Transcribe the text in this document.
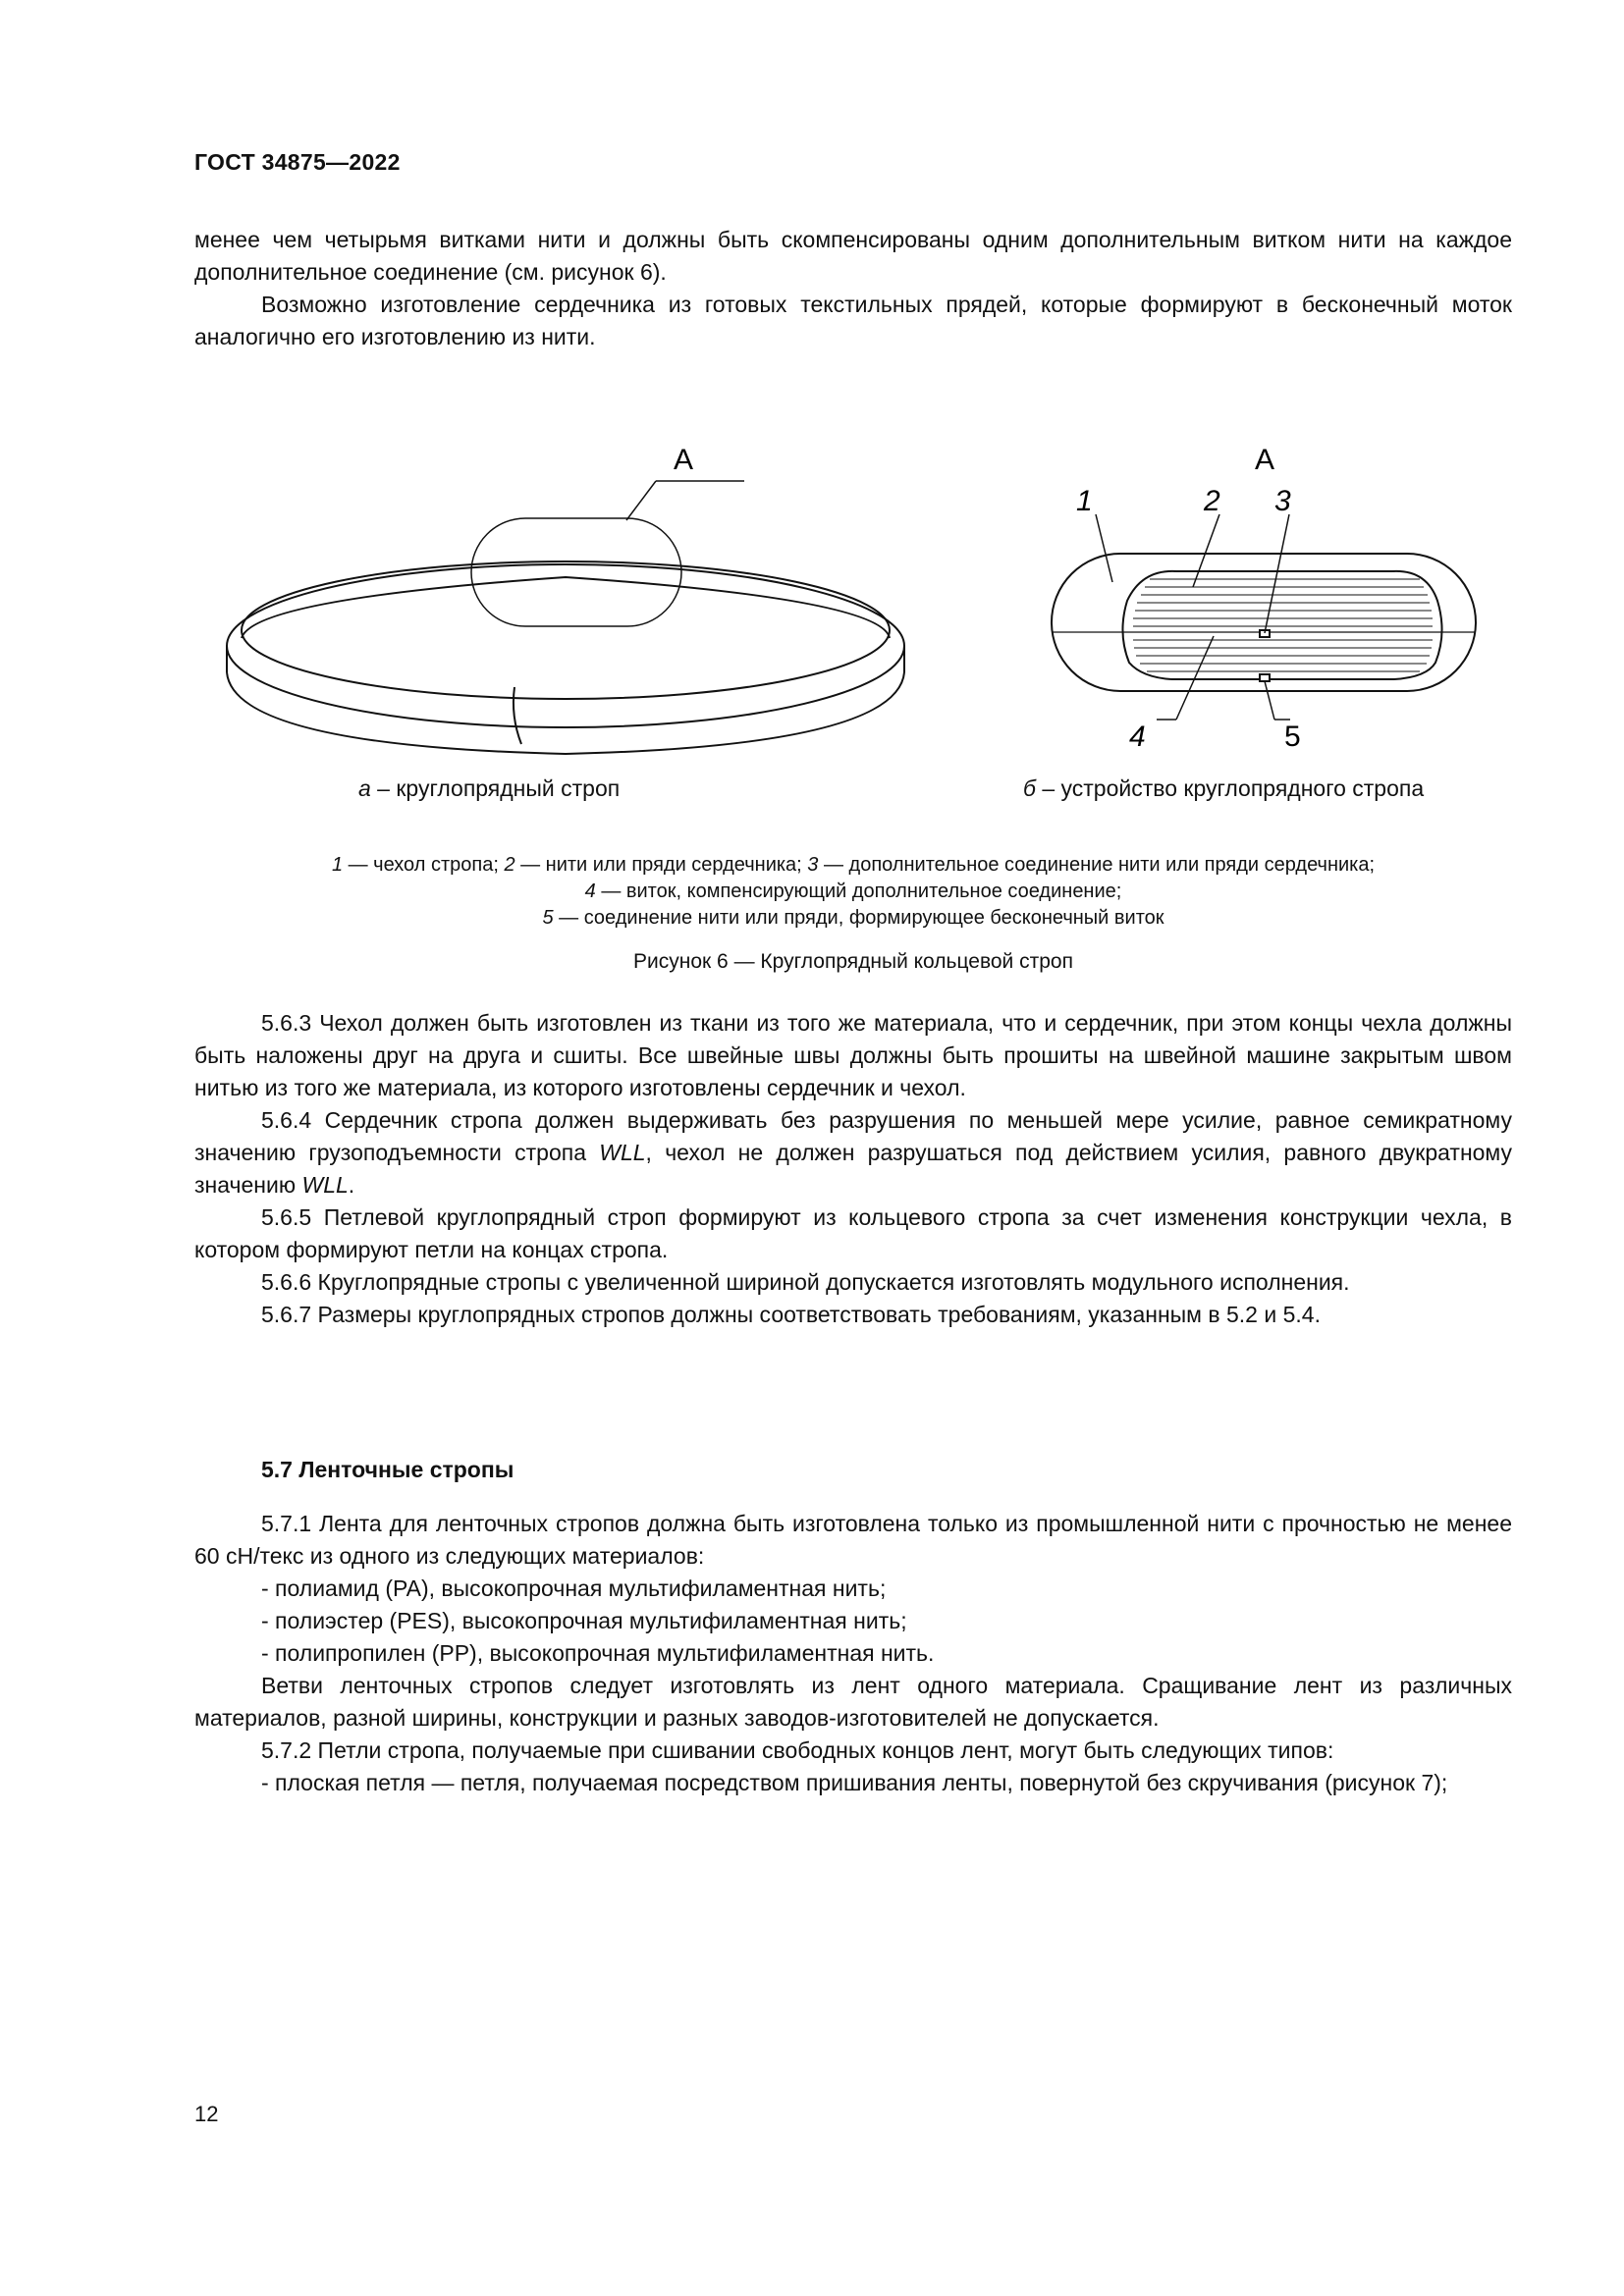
ГОСТ 34875—2022

менее чем четырьмя витками нити и должны быть скомпенсированы одним дополнительным витком нити на каждое дополнительное соединение (см. рисунок 6).

Возможно изготовление сердечника из готовых текстильных прядей, которые формируют в бесконечный моток аналогично его изготовлению из нити.

А	А
1	2 3
4	5
а – круглопрядный строп	б – устройство круглопрядного стропа
1 — чехол стропа; 2 — нити или пряди сердечника; 3 — дополнительное соединение нити или пряди сердечника;
4 — виток, компенсирующий дополнительное соединение;
5 — соединение нити или пряди, формирующее бесконечный виток
Рисунок 6 — Круглопрядный кольцевой строп

5.6.3 Чехол должен быть изготовлен из ткани из того же материала, что и сердечник, при этом концы чехла должны быть наложены друг на друга и сшиты. Все швейные швы должны быть прошиты на швейной машине закрытым швом нитью из того же материала, из которого изготовлены сердечник и чехол.

5.6.4 Сердечник стропа должен выдерживать без разрушения по меньшей мере усилие, равное семикратному значению грузоподъемности стропа WLL, чехол не должен разрушаться под действием усилия, равного двукратному значению WLL.

5.6.5 Петлевой круглопрядный строп формируют из кольцевого стропа за счет изменения конструкции чехла, в котором формируют петли на концах стропа.

5.6.6 Круглопрядные стропы с увеличенной шириной допускается изготовлять модульного исполнения.

5.6.7 Размеры круглопрядных стропов должны соответствовать требованиям, указанным в 5.2 и 5.4.

5.7 Ленточные стропы

5.7.1 Лента для ленточных стропов должна быть изготовлена только из промышленной нити с прочностью не менее 60 сН/текс из одного из следующих материалов:

- полиамид (PA), высокопрочная мультифиламентная нить;

- полиэстер (PES), высокопрочная мультифиламентная нить;

- полипропилен (PP), высокопрочная мультифиламентная нить.

Ветви ленточных стропов следует изготовлять из лент одного материала. Сращивание лент из различных материалов, разной ширины, конструкции и разных заводов-изготовителей не допускается.

5.7.2 Петли стропа, получаемые при сшивании свободных концов лент, могут быть следующих типов:

- плоская петля — петля, получаемая посредством пришивания ленты, повернутой без скручивания (рисунок 7);

12
